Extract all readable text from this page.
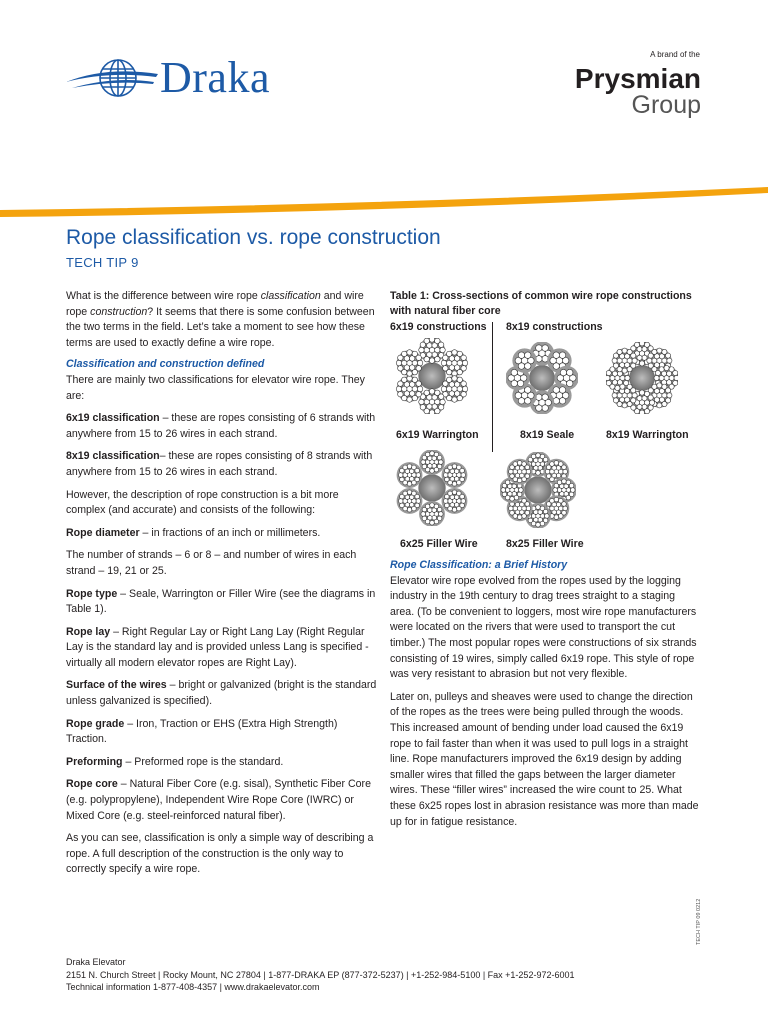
Draka	A brand of the
Prysmian
Group
Rope classification vs. rope construction
TECH TIP 9

What is the difference between wire rope classification and wire rope construction? It seems that there is some confusion between the two terms in the field. Let’s take a moment to see how these terms are used to exactly define a wire rope.

Classification and construction defined

There are mainly two classifications for elevator wire rope. They are:

6x19 classification – these are ropes consisting of 6 strands with anywhere from 15 to 26 wires in each strand.

8x19 classification– these are ropes consisting of 8 strands with anywhere from 15 to 26 wires in each strand.

However, the description of rope construction is a bit more complex (and accurate) and consists of the following:

Rope diameter – in fractions of an inch or millimeters.

The number of strands – 6 or 8 – and number of wires in each strand – 19, 21 or 25.

Rope type – Seale, Warrington or Filler Wire (see the diagrams in Table 1).

Rope lay – Right Regular Lay or Right Lang Lay (Right Regular Lay is the standard lay and is provided unless Lang is specified - virtually all modern elevator ropes are Right Lay).

Surface of the wires – bright or galvanized (bright is the standard unless galvanized is specified).

Rope grade – Iron, Traction or EHS (Extra High Strength) Traction.

Preforming – Preformed rope is the standard.

Rope core – Natural Fiber Core (e.g. sisal), Synthetic Fiber Core (e.g. polypropylene), Independent Wire Rope Core (IWRC) or Mixed Core (e.g. steel-reinforced natural fiber).

As you can see, classification is only a simple way of describing a rope. A full description of the construction is the only way to correctly specify a wire rope.

Table 1: Cross-sections of common wire rope constructions with natural fiber core
6x19 constructions 8x19 constructions
6x19 Warrington	8x19 Seale	8x19 Warrington
6x25 Filler Wire	8x25 Filler Wire
Rope Classification: a Brief History

Elevator wire rope evolved from the ropes used by the logging industry in the 19th century to drag trees straight to a staging area. (To be convenient to loggers, most wire rope manufacturers were located on the rivers that were used to transport the cut timber.) The most popular ropes were constructions of six strands consisting of 19 wires, simply called 6x19 rope. This style of rope was very resistant to abrasion but not very flexible.

Later on, pulleys and sheaves were used to change the direction of the ropes as the trees were being pulled through the woods. This increased amount of bending under load caused the 6x19 rope to fail faster than when it was used to pull logs in a straight line. Rope manufacturers improved the 6x19 design by adding smaller wires that filled the gaps between the larger diameter wires. These “filler wires” increased the wire count to 25. What these 6x25 ropes lost in abrasion resistance was more than made up for in fatigue resistance.

Draka Elevator
2151 N. Church Street | Rocky Mount, NC 27804 | 1-877-DRAKA EP (877-372-5237) | +1-252-984-5100 | Fax +1-252-972-6001
Technical information 1-877-408-4357 | www.drakaelevator.com
TECH TIP 09 0212
